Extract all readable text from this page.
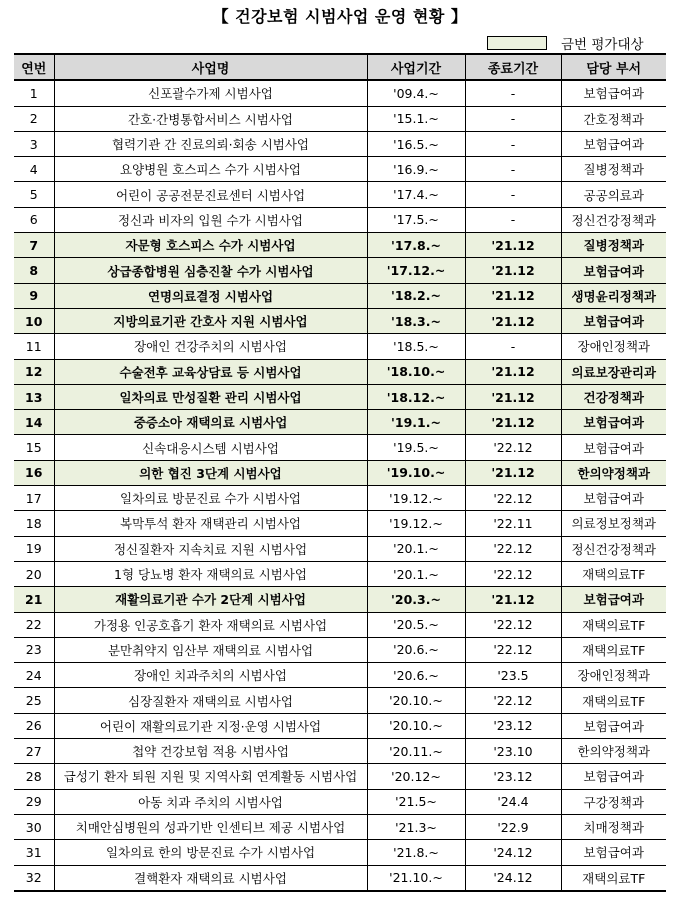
【 건강보험 시범사업 운영 현황 】
금번 평가대상
연번	사업명	사업기간	종료기간	담당 부서
1	신포괄수가제 시범사업	'09.4.~	-	보험급여과
2	간호·간병통합서비스 시범사업	'15.1.~	-	간호정책과
3	협력기관 간 진료의뢰·회송 시범사업	'16.5.~	-	보험급여과
4	요양병원 호스피스 수가 시범사업	'16.9.~	-	질병정책과
5	어린이 공공전문진료센터 시범사업	'17.4.~	-	공공의료과
6	정신과 비자의 입원 수가 시범사업	'17.5.~	-	정신건강정책과
7	자문형 호스피스 수가 시범사업	'17.8.~	'21.12	질병정책과
8	상급종합병원 심층진찰 수가 시범사업	'17.12.~	'21.12	보험급여과
9	연명의료결정 시범사업	'18.2.~	'21.12	생명윤리정책과
10	지방의료기관 간호사 지원 시범사업	'18.3.~	'21.12	보험급여과
11	장애인 건강주치의 시범사업	'18.5.~	-	장애인정책과
12	수술전후 교육상담료 등 시범사업	'18.10.~	'21.12	의료보장관리과
13	일차의료 만성질환 관리 시범사업	'18.12.~	'21.12	건강정책과
14	중증소아 재택의료 시범사업	'19.1.~	'21.12	보험급여과
15	신속대응시스템 시범사업	'19.5.~	'22.12	보험급여과
16	의한 협진 3단계 시범사업	'19.10.~	'21.12	한의약정책과
17	일차의료 방문진료 수가 시범사업	'19.12.~	'22.12	보험급여과
18	복막투석 환자 재택관리 시범사업	'19.12.~	'22.11	의료정보정책과
19	정신질환자 지속치료 지원 시범사업	'20.1.~	'22.12	정신건강정책과
20	1형 당뇨병 환자 재택의료 시범사업	'20.1.~	'22.12	재택의료TF
21	재활의료기관 수가 2단계 시범사업	'20.3.~	'21.12	보험급여과
22	가정용 인공호흡기 환자 재택의료 시범사업	'20.5.~	'22.12	재택의료TF
23	분만취약지 임산부 재택의료 시범사업	'20.6.~	'22.12	재택의료TF
24	장애인 치과주치의 시범사업	'20.6.~	'23.5	장애인정책과
25	심장질환자 재택의료 시범사업	'20.10.~	'22.12	재택의료TF
26	어린이 재활의료기관 지정·운영 시범사업	'20.10.~	'23.12	보험급여과
27	첩약 건강보험 적용 시범사업	'20.11.~	'23.10	한의약정책과
28	급성기 환자 퇴원 지원 및 지역사회 연계활동 시범사업	'20.12~	'23.12	보험급여과
29	아동 치과 주치의 시범사업	'21.5~	'24.4	구강정책과
30	치매안심병원의 성과기반 인센티브 제공 시범사업	'21.3~	'22.9	치매정책과
31	일차의료 한의 방문진료 수가 시범사업	'21.8.~	'24.12	보험급여과
32	결핵환자 재택의료 시범사업	'21.10.~	'24.12	재택의료TF
